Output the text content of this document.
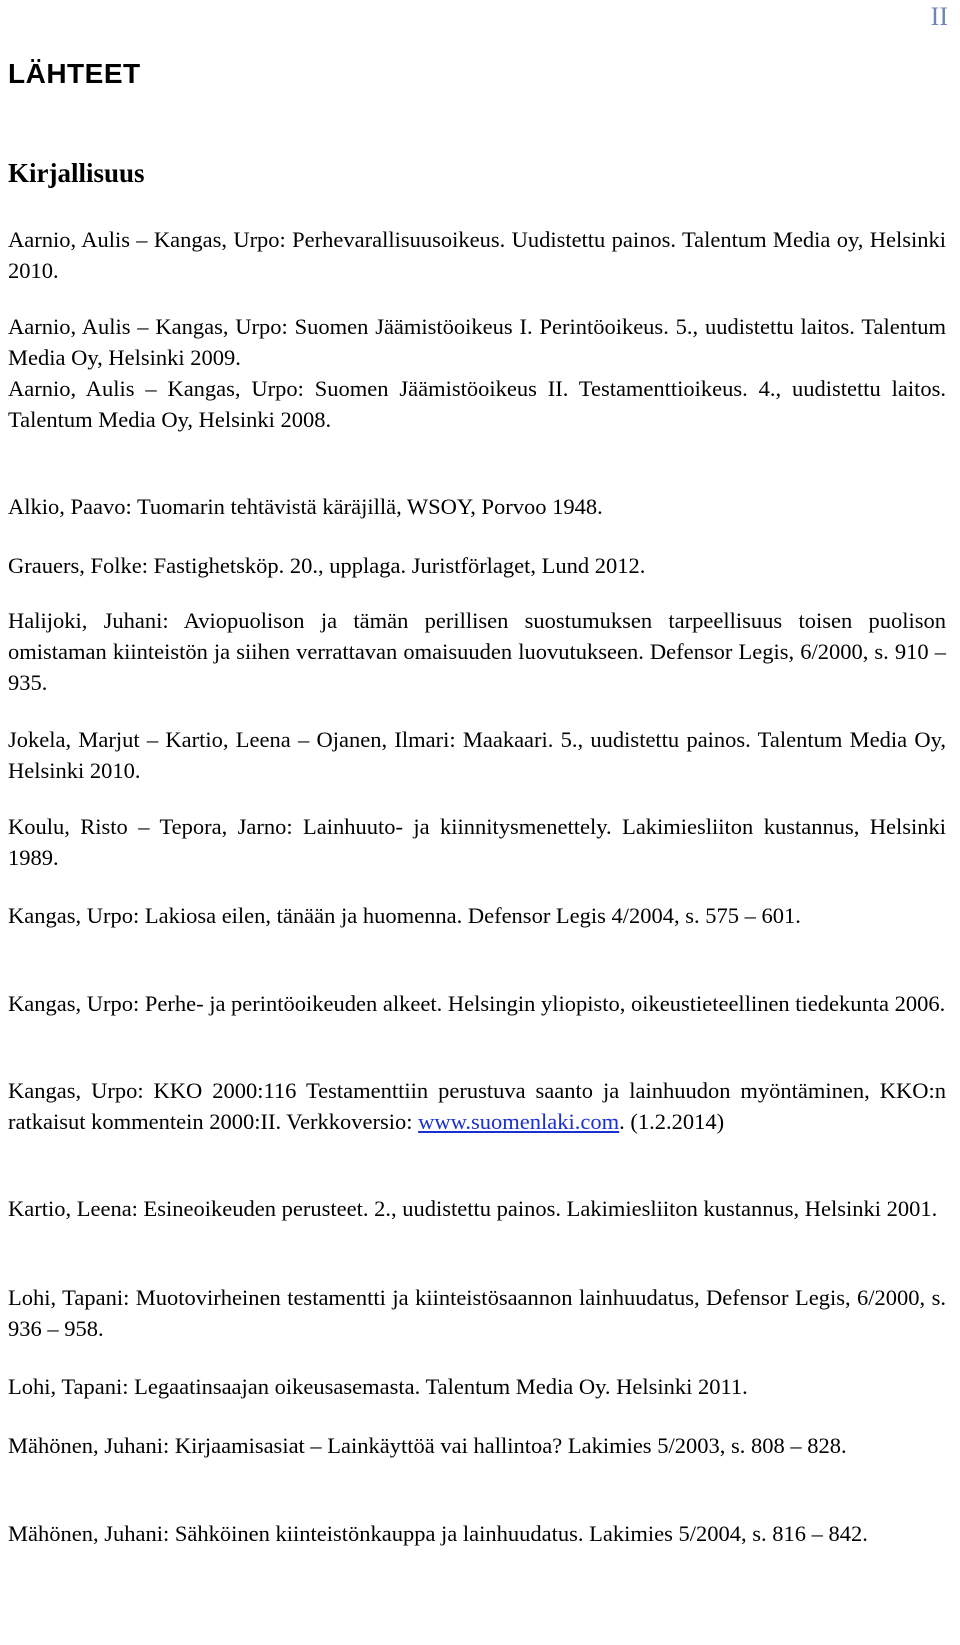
II
LÄHTEET
Kirjallisuus

Aarnio, Aulis – Kangas, Urpo: Perhevarallisuusoikeus. Uudistettu painos. Talentum Media oy, Helsinki 2010.

Aarnio, Aulis – Kangas, Urpo: Suomen Jäämistöoikeus I. Perintöoikeus. 5., uudistettu laitos. Talentum Media Oy, Helsinki 2009.

Aarnio, Aulis – Kangas, Urpo: Suomen Jäämistöoikeus II. Testamenttioikeus. 4., uudistettu laitos. Talentum Media Oy, Helsinki 2008.

Alkio, Paavo: Tuomarin tehtävistä käräjillä, WSOY, Porvoo 1948.

Grauers, Folke: Fastighetsköp. 20., upplaga. Juristförlaget, Lund 2012.

Halijoki, Juhani: Aviopuolison ja tämän perillisen suostumuksen tarpeellisuus toisen puolison omistaman kiinteistön ja siihen verrattavan omaisuuden luovutukseen. Defensor Legis, 6/2000, s. 910 – 935.

Jokela, Marjut – Kartio, Leena – Ojanen, Ilmari: Maakaari. 5., uudistettu painos. Talentum Media Oy, Helsinki 2010.

Koulu, Risto – Tepora, Jarno: Lainhuuto- ja kiinnitysmenettely. Lakimiesliiton kustannus, Helsinki 1989.

Kangas, Urpo: Lakiosa eilen, tänään ja huomenna. Defensor Legis 4/2004, s. 575 – 601.

Kangas, Urpo: Perhe- ja perintöoikeuden alkeet. Helsingin yliopisto, oikeustieteellinen tiedekunta 2006.

Kangas, Urpo: KKO 2000:116 Testamenttiin perustuva saanto ja lainhuudon myöntäminen, KKO:n ratkaisut kommentein 2000:II. Verkkoversio: www.suomenlaki.com. (1.2.2014)

Kartio, Leena: Esineoikeuden perusteet. 2., uudistettu painos. Lakimiesliiton kustannus, Helsinki 2001.

Lohi, Tapani: Muotovirheinen testamentti ja kiinteistösaannon lainhuudatus, Defensor Legis, 6/2000, s. 936 – 958.

Lohi, Tapani: Legaatinsaajan oikeusasemasta. Talentum Media Oy. Helsinki 2011.

Mähönen, Juhani: Kirjaamisasiat – Lainkäyttöä vai hallintoa? Lakimies 5/2003, s. 808 – 828.

Mähönen, Juhani: Sähköinen kiinteistönkauppa ja lainhuudatus. Lakimies 5/2004, s. 816 – 842.
